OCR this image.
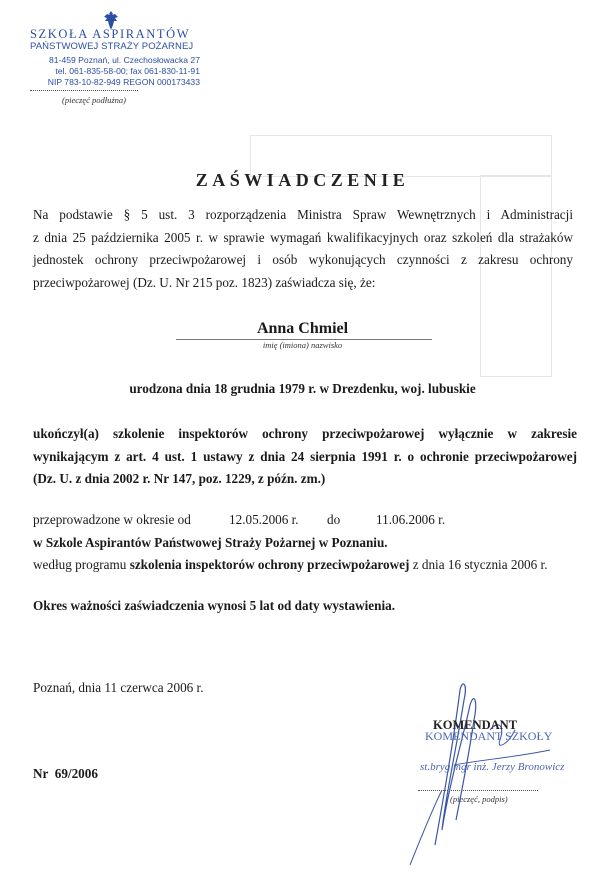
SZKOŁA ASPIRANTÓW
PAŃSTWOWEJ STRAŻY POŻARNEJ
81-459 Poznań, ul. Czechosłowacka 27
tel. 061-835-58-00; fax 061-830-11-91
NIP 783-10-82-949 REGON 000173433
(pieczęć podłużna)
ZAŚWIADCZENIE
Na podstawie § 5 ust. 3 rozporządzenia Ministra Spraw Wewnętrznych i Administracji
z dnia 25 października 2005 r. w sprawie wymagań kwalifikacyjnych oraz szkoleń dla strażaków
jednostek ochrony przeciwpożarowej i osób wykonujących czynności z zakresu ochrony
przeciwpożarowej (Dz. U. Nr 215 poz. 1823) zaświadcza się, że:
Anna Chmiel
imię (imiona) nazwisko
urodzona dnia 18 grudnia 1979 r. w Drezdenku, woj. lubuskie
ukończył(a) szkolenie inspektorów ochrony przeciwpożarowej wyłącznie w zakresie
wynikającym z art. 4 ust. 1 ustawy z dnia 24 sierpnia 1991 r. o ochronie przeciwpożarowej
(Dz. U. z dnia 2002 r. Nr 147, poz. 1229, z późn. zm.)
przeprowadzone w okresie od	12.05.2006 r. do	11.06.2006 r.
w Szkole Aspirantów Państwowej Straży Pożarnej w Poznaniu.
według programu szkolenia inspektorów ochrony przeciwpożarowej z dnia 16 stycznia 2006 r.
Okres ważności zaświadczenia wynosi 5 lat od daty wystawienia.
Poznań, dnia 11 czerwca 2006 r.
Nr  69/2006
KOMENDANT
KOMENDANT SZKOŁY
st.bryg.mgr inż. Jerzy Bronowicz
(pieczęć, podpis)
